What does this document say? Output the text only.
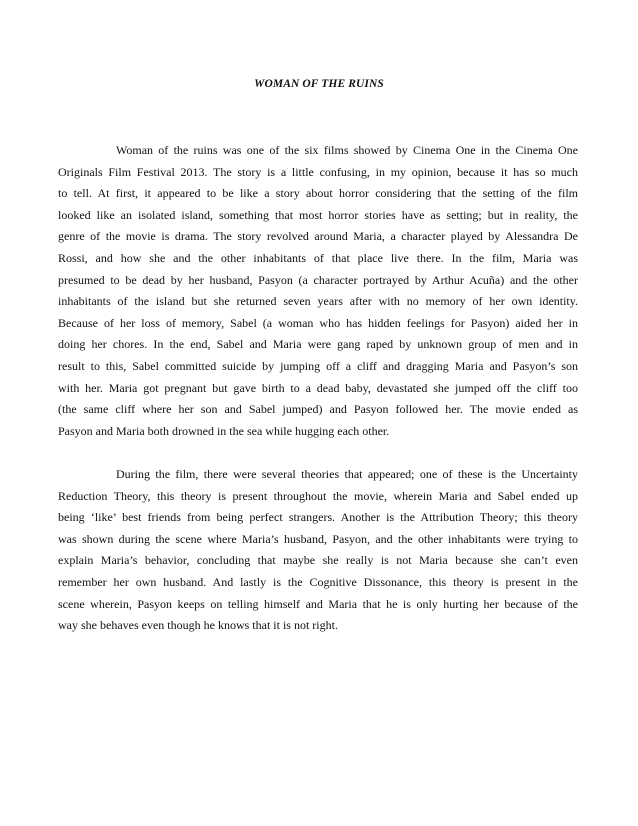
WOMAN OF THE RUINS
Woman of the ruins was one of the six films showed by Cinema One in the Cinema One
Originals Film Festival 2013. The story is a little confusing, in my opinion, because it has so much
to tell. At first, it appeared to be like a story about horror considering that the setting of the film
looked like an isolated island, something that most horror stories have as setting; but in reality, the
genre of the movie is drama. The story revolved around Maria, a character played by Alessandra De
Rossi, and how she and the other inhabitants of that place live there. In the film, Maria was
presumed to be dead by her husband, Pasyon (a character portrayed by Arthur Acuña) and the other
inhabitants of the island but she returned seven years after with no memory of her own identity.
Because of her loss of memory, Sabel (a woman who has hidden feelings for Pasyon) aided her in
doing her chores. In the end, Sabel and Maria were gang raped by unknown group of men and in
result to this, Sabel committed suicide by jumping off a cliff and dragging Maria and Pasyon’s son
with her. Maria got pregnant but gave birth to a dead baby, devastated she jumped off the cliff too
(the same cliff where her son and Sabel jumped) and Pasyon followed her. The movie ended as
Pasyon and Maria both drowned in the sea while hugging each other.
During the film, there were several theories that appeared; one of these is the Uncertainty
Reduction Theory, this theory is present throughout the movie, wherein Maria and Sabel ended up
being ‘like’ best friends from being perfect strangers. Another is the Attribution Theory; this theory
was shown during the scene where Maria’s husband, Pasyon, and the other inhabitants were trying to
explain Maria’s behavior, concluding that maybe she really is not Maria because she can’t even
remember her own husband. And lastly is the Cognitive Dissonance, this theory is present in the
scene wherein, Pasyon keeps on telling himself and Maria that he is only hurting her because of the
way she behaves even though he knows that it is not right.
